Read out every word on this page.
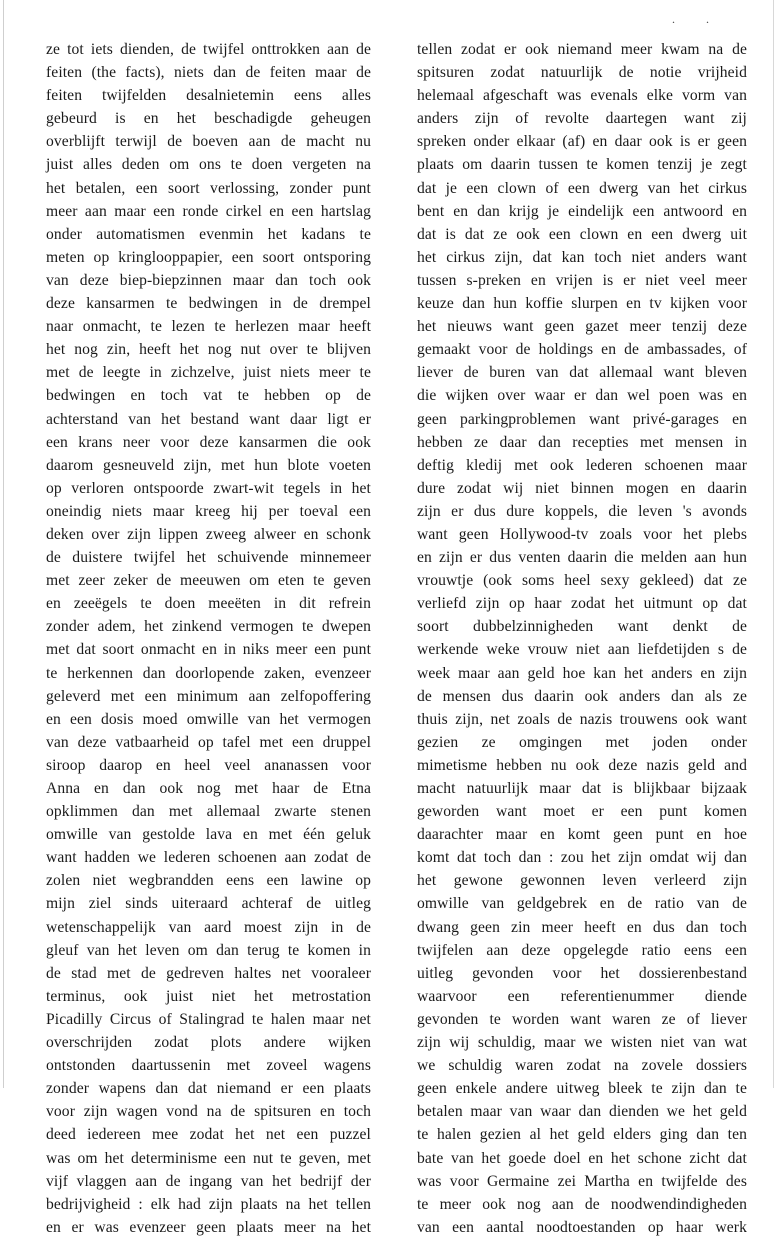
. .
ze tot iets dienden, de twijfel onttrokken aan de
feiten (the facts), niets dan de feiten maar de
feiten twijfelden desalnietemin eens alles
gebeurd is en het beschadigde geheugen
overblijft terwijl de boeven aan de macht nu
juist alles deden om ons te doen vergeten na
het betalen, een soort verlossing, zonder punt
meer aan maar een ronde cirkel en een hartslag
onder automatismen evenmin het kadans te
meten op kringlooppapier, een soort ontsporing
van deze biep-biepzinnen maar dan toch ook
deze kansarmen te bedwingen in de drempel
naar onmacht, te lezen te herlezen maar heeft
het nog zin, heeft het nog nut over te blijven
met de leegte in zichzelve, juist niets meer te
bedwingen en toch vat te hebben op de
achterstand van het bestand want daar ligt er
een krans neer voor deze kansarmen die ook
daarom gesneuveld zijn, met hun blote voeten
op verloren ontspoorde zwart-wit tegels in het
oneindig niets maar kreeg hij per toeval een
deken over zijn lippen zweeg alweer en schonk
de duistere twijfel het schuivende minnemeer
met zeer zeker de meeuwen om eten te geven
en zeeëgels te doen meeëten in dit refrein
zonder adem, het zinkend vermogen te dwepen
met dat soort onmacht en in niks meer een punt
te herkennen dan doorlopende zaken, evenzeer
geleverd met een minimum aan zelfopoffering
en een dosis moed omwille van het vermogen
van deze vatbaarheid op tafel met een druppel
siroop daarop en heel veel ananassen voor
Anna en dan ook nog met haar de Etna
opklimmen dan met allemaal zwarte stenen
omwille van gestolde lava en met één geluk
want hadden we lederen schoenen aan zodat de
zolen niet wegbrandden eens een lawine op
mijn ziel sinds uiteraard achteraf de uitleg
wetenschappelijk van aard moest zijn in de
gleuf van het leven om dan terug te komen in
de stad met de gedreven haltes net vooraleer
terminus, ook juist niet het metrostation
Picadilly Circus of Stalingrad te halen maar net
overschrijden zodat plots andere wijken
ontstonden daartussenin met zoveel wagens
zonder wapens dan dat niemand er een plaats
voor zijn wagen vond na de spitsuren en toch
deed iedereen mee zodat het net een puzzel
was om het determinisme een nut te geven, met
vijf vlaggen aan de ingang van het bedrijf der
bedrijvigheid : elk had zijn plaats na het tellen
en er was evenzeer geen plaats meer na het
tellen zodat er ook niemand meer kwam na de
spitsuren zodat natuurlijk de notie vrijheid
helemaal afgeschaft was evenals elke vorm van
anders zijn of revolte daartegen want zij
spreken onder elkaar (af) en daar ook is er geen
plaats om daarin tussen te komen tenzij je zegt
dat je een clown of een dwerg van het cirkus
bent en dan krijg je eindelijk een antwoord en
dat is dat ze ook een clown en een dwerg uit
het cirkus zijn, dat kan toch niet anders want
tussen s-preken en vrijen is er niet veel meer
keuze dan hun koffie slurpen en tv kijken voor
het nieuws want geen gazet meer tenzij deze
gemaakt voor de holdings en de ambassades, of
liever de buren van dat allemaal want bleven
die wijken over waar er dan wel poen was en
geen parkingproblemen want privé-garages en
hebben ze daar dan recepties met mensen in
deftig kledij met ook lederen schoenen maar
dure zodat wij niet binnen mogen en daarin
zijn er dus dure koppels, die leven 's avonds
want geen Hollywood-tv zoals voor het plebs
en zijn er dus venten daarin die melden aan hun
vrouwtje (ook soms heel sexy gekleed) dat ze
verliefd zijn op haar zodat het uitmunt op dat
soort dubbelzinnigheden want denkt de
werkende weke vrouw niet aan liefdetijden s de
week maar aan geld hoe kan het anders en zijn
de mensen dus daarin ook anders dan als ze
thuis zijn, net zoals de nazis trouwens ook want
gezien ze omgingen met joden onder
mimetisme hebben nu ook deze nazis geld and
macht natuurlijk maar dat is blijkbaar bijzaak
geworden want moet er een punt komen
daarachter maar en komt geen punt en hoe
komt dat toch dan : zou het zijn omdat wij dan
het gewone gewonnen leven verleerd zijn
omwille van geldgebrek en de ratio van de
dwang geen zin meer heeft en dus dan toch
twijfelen aan deze opgelegde ratio eens een
uitleg gevonden voor het dossierenbestand
waarvoor een referentienummer diende
gevonden te worden want waren ze of liever
zijn wij schuldig, maar we wisten niet van wat
we schuldig waren zodat na zovele dossiers
geen enkele andere uitweg bleek te zijn dan te
betalen maar van waar dan dienden we het geld
te halen gezien al het geld elders ging dan ten
bate van het goede doel en het schone zicht dat
was voor Germaine zei Martha en twijfelde des
te meer ook nog aan de noodwendindigheden
van een aantal noodtoestanden op haar werk
